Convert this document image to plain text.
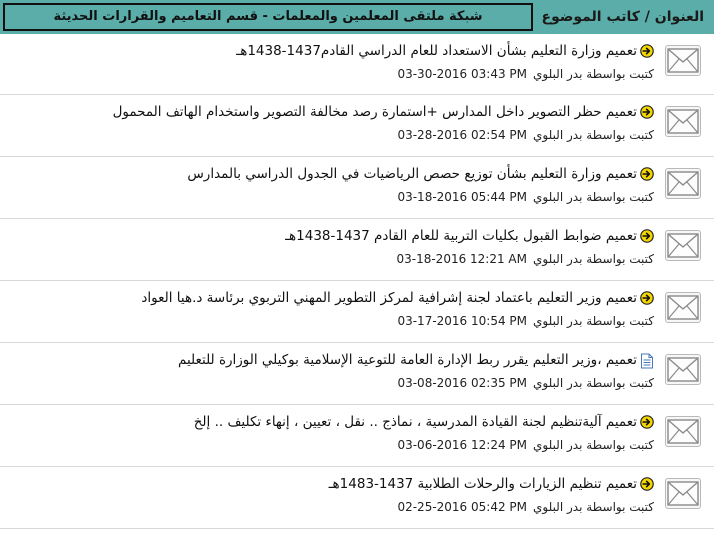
العنوان / كاتب الموضوع
شبكة ملتقى المعلمين والمعلمات - قسم التعاميم والقرارات الحديثة
تعميم وزارة التعليم بشأن الاستعداد للعام الدراسي القادم1437-1438هـ
كتبت بواسطة بدر البلوي
03-30-2016 03:43 PM
تعميم حظر التصوير داخل المدارس +استمارة رصد مخالفة التصوير واستخدام الهاتف المحمول
كتبت بواسطة بدر البلوي
03-28-2016 02:54 PM
تعميم وزارة التعليم بشأن توزيع حصص الرياضيات في الجدول الدراسي بالمدارس
كتبت بواسطة بدر البلوي
03-18-2016 05:44 PM
تعميم ضوابط القبول بكليات التربية للعام القادم 1437-1438هـ
كتبت بواسطة بدر البلوي
03-18-2016 12:21 AM
تعميم وزير التعليم باعتماد لجنة إشرافية لمركز التطوير المهني التربوي برئاسة د.هيا العواد
كتبت بواسطة بدر البلوي
03-17-2016 10:54 PM
تعميم ،وزير التعليم يقرر ربط الإدارة العامة للتوعية الإسلامية بوكيلي الوزارة للتعليم
كتبت بواسطة بدر البلوي
03-08-2016 02:35 PM
تعميم آليةتنظيم لجنة القيادة المدرسية ، نماذج .. نقل ، تعيين ، إنهاء تكليف .. إلخ
كتبت بواسطة بدر البلوي
03-06-2016 12:24 PM
تعميم تنظيم الزيارات والرحلات الطلابية 1437-1483هـ
كتبت بواسطة بدر البلوي
02-25-2016 05:42 PM
